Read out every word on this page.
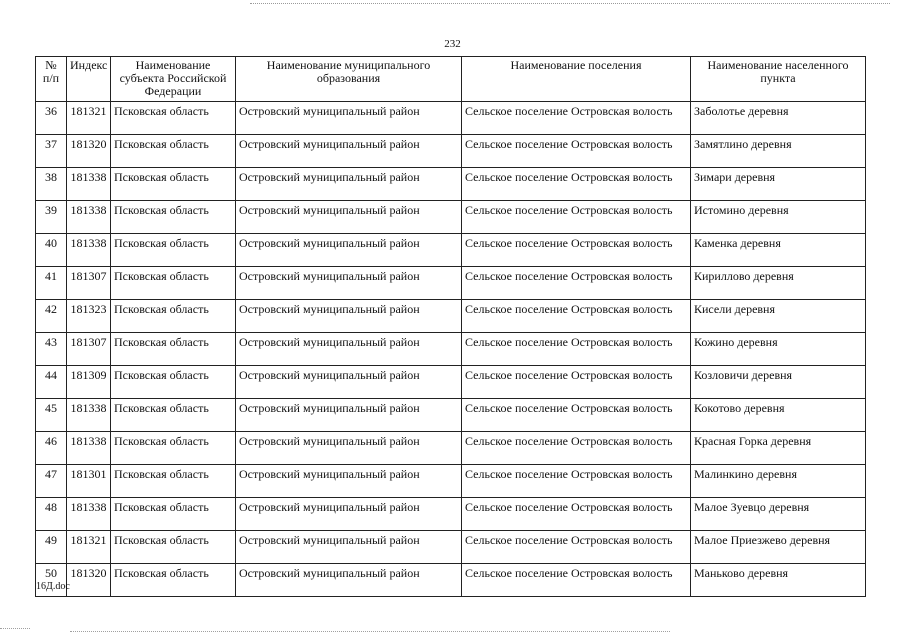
232
№ п/п	Индекс	Наименование субъекта Российской Федерации	Наименование муниципального образования	Наименование поселения	Наименование населенного пункта
36	181321	Псковская область	Островский муниципальный район	Сельское поселение Островская волость	Заболотье деревня
37	181320	Псковская область	Островский муниципальный район	Сельское поселение Островская волость	Замятлино деревня
38	181338	Псковская область	Островский муниципальный район	Сельское поселение Островская волость	Зимари деревня
39	181338	Псковская область	Островский муниципальный район	Сельское поселение Островская волость	Истомино деревня
40	181338	Псковская область	Островский муниципальный район	Сельское поселение Островская волость	Каменка деревня
41	181307	Псковская область	Островский муниципальный район	Сельское поселение Островская волость	Кириллово деревня
42	181323	Псковская область	Островский муниципальный район	Сельское поселение Островская волость	Кисели деревня
43	181307	Псковская область	Островский муниципальный район	Сельское поселение Островская волость	Кожино деревня
44	181309	Псковская область	Островский муниципальный район	Сельское поселение Островская волость	Козловичи деревня
45	181338	Псковская область	Островский муниципальный район	Сельское поселение Островская волость	Кокотово деревня
46	181338	Псковская область	Островский муниципальный район	Сельское поселение Островская волость	Красная Горка деревня
47	181301	Псковская область	Островский муниципальный район	Сельское поселение Островская волость	Малинкино деревня
48	181338	Псковская область	Островский муниципальный район	Сельское поселение Островская волость	Малое Зуевцо деревня
49	181321	Псковская область	Островский муниципальный район	Сельское поселение Островская волость	Малое Приезжево деревня
50	181320	Псковская область	Островский муниципальный район	Сельское поселение Островская волость	Маньково деревня
16Д.doc
